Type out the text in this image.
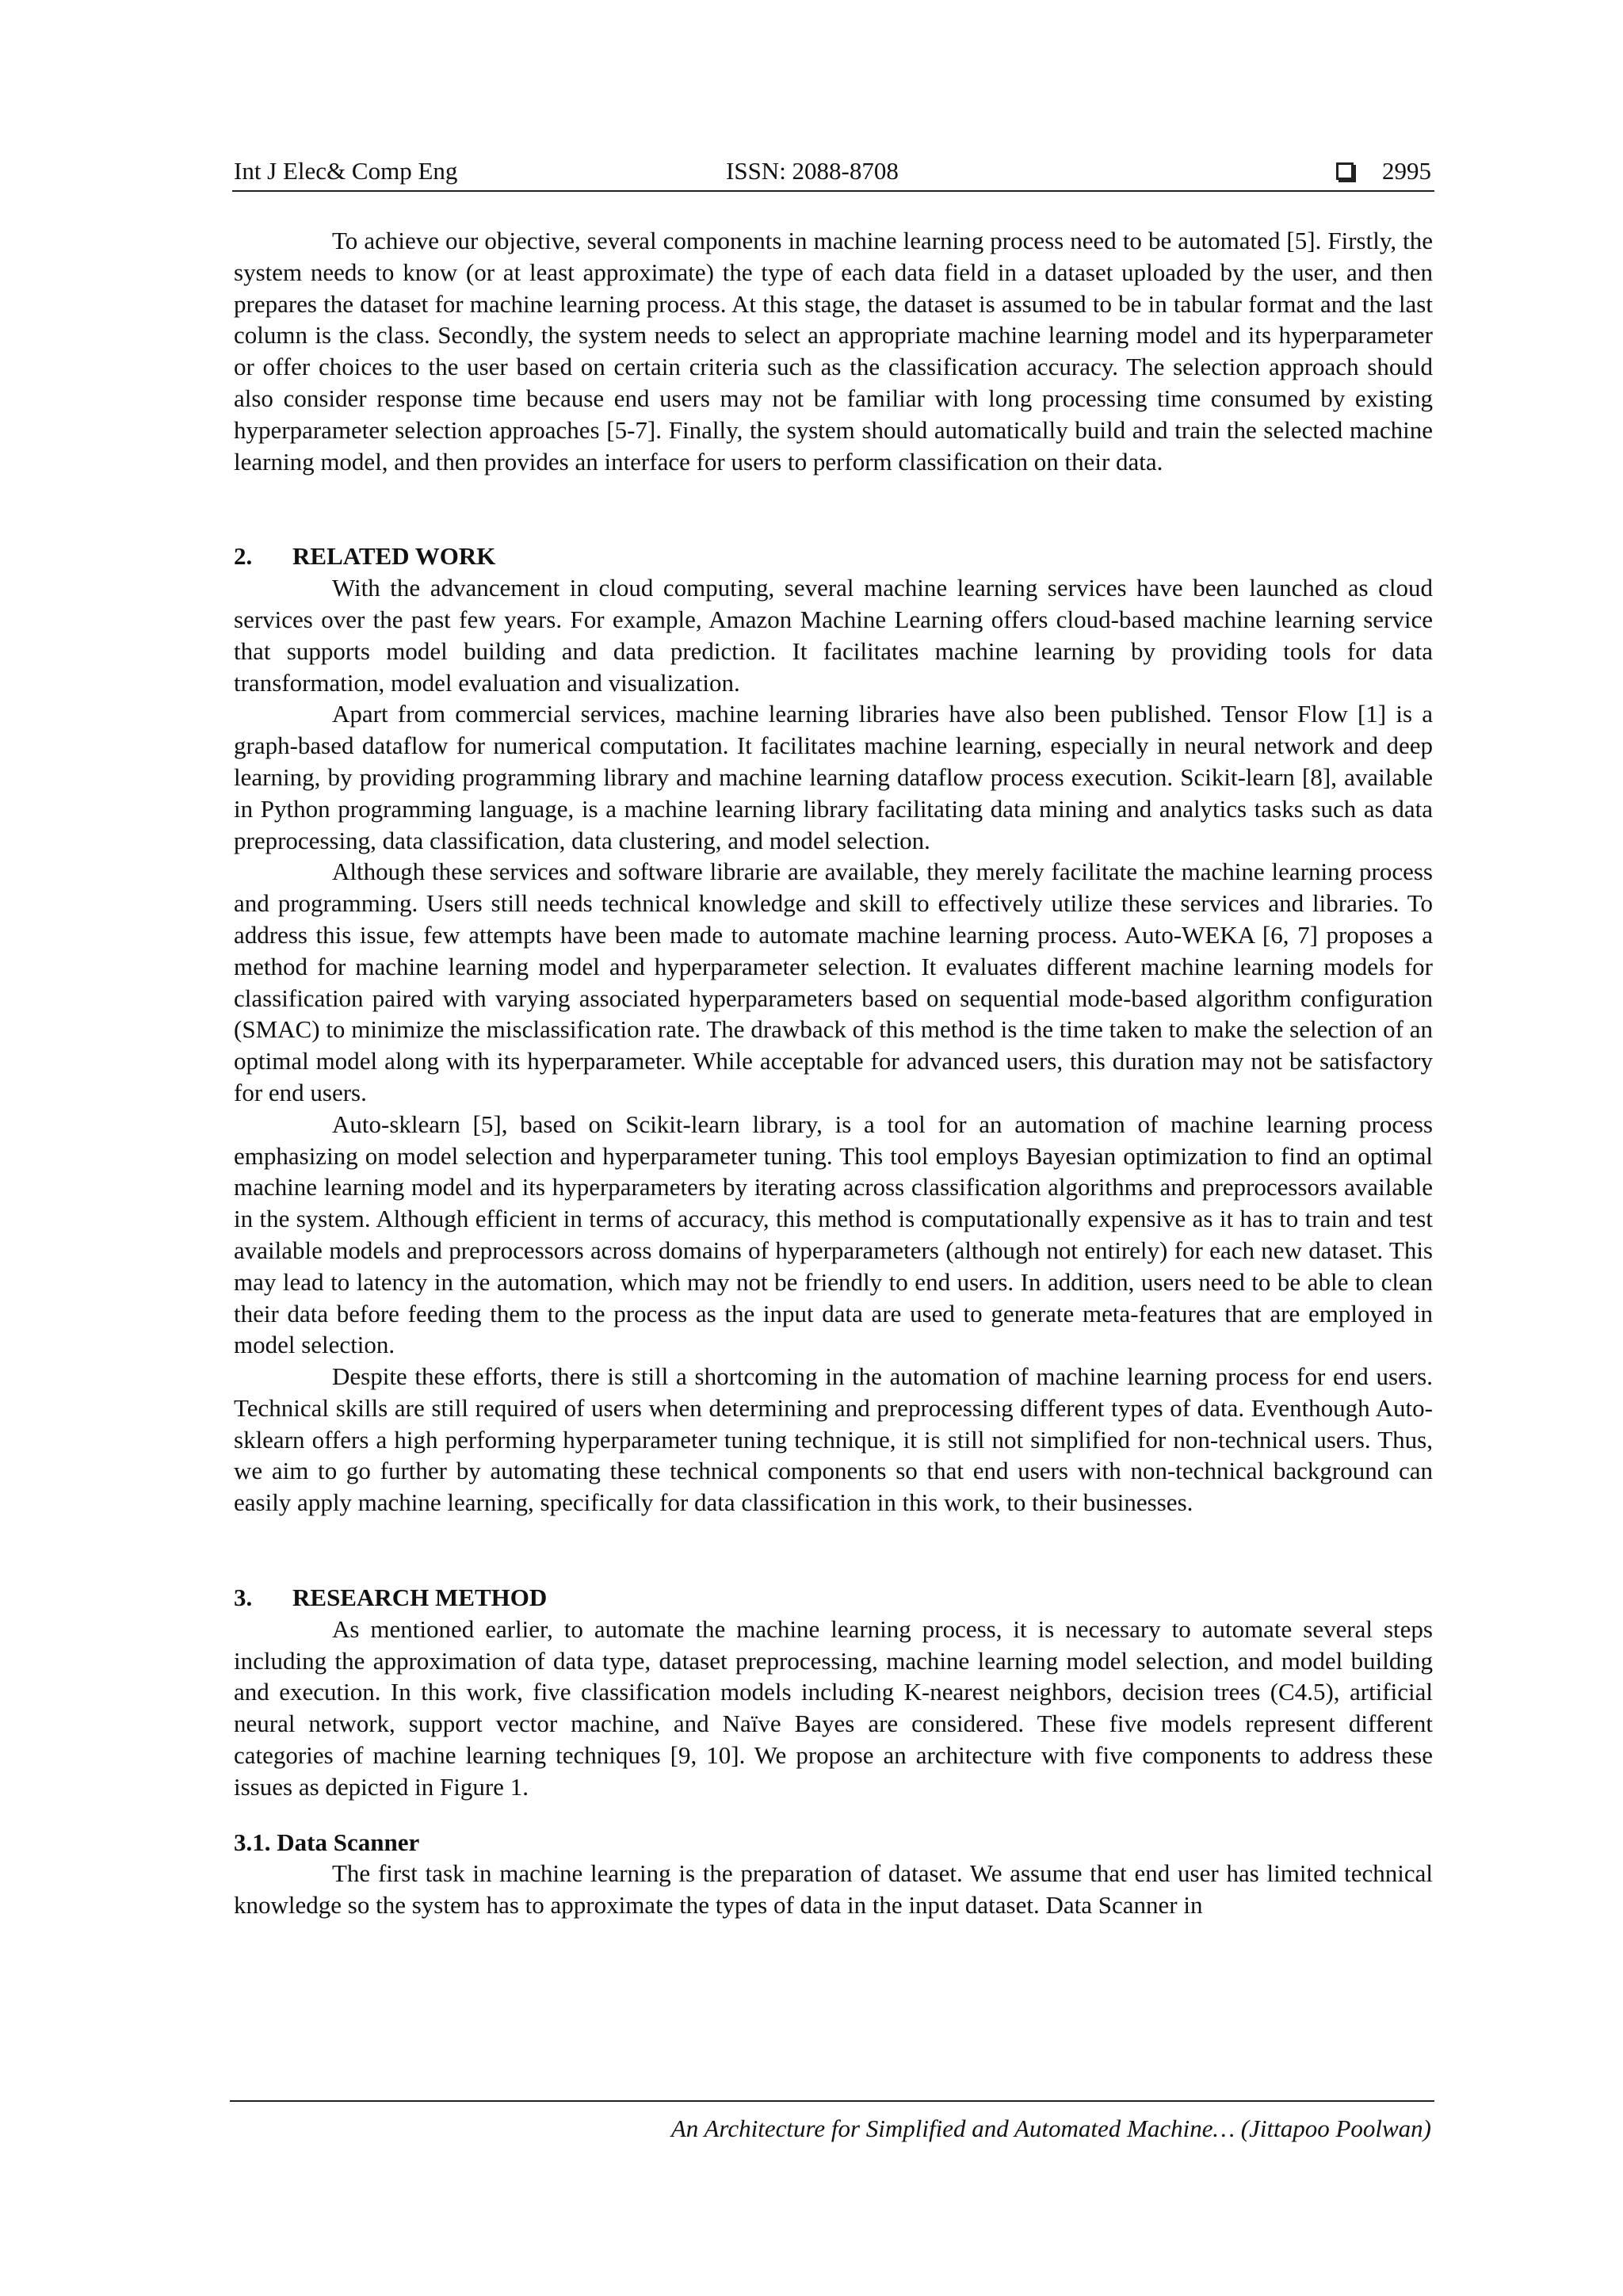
Int J Elec& Comp Eng	ISSN: 2088-8708	2995

To achieve our objective, several components in machine learning process need to be automated [5]. Firstly, the system needs to know (or at least approximate) the type of each data field in a dataset uploaded by the user, and then prepares the dataset for machine learning process. At this stage, the dataset is assumed to be in tabular format and the last column is the class. Secondly, the system needs to select an appropriate machine learning model and its hyperparameter or offer choices to the user based on certain criteria such as the classification accuracy. The selection approach should also consider response time because end users may not be familiar with long processing time consumed by existing hyperparameter selection approaches [5-7]. Finally, the system should automatically build and train the selected machine learning model, and then provides an interface for users to perform classification on their data.

2.	RELATED WORK

With the advancement in cloud computing, several machine learning services have been launched as cloud services over the past few years. For example, Amazon Machine Learning offers cloud-based machine learning service that supports model building and data prediction. It facilitates machine learning by providing tools for data transformation, model evaluation and visualization.

Apart from commercial services, machine learning libraries have also been published. Tensor Flow [1] is a graph-based dataflow for numerical computation. It facilitates machine learning, especially in neural network and deep learning, by providing programming library and machine learning dataflow process execution. Scikit-learn [8], available in Python programming language, is a machine learning library facilitating data mining and analytics tasks such as data preprocessing, data classification, data clustering, and model selection.

Although these services and software librarie are available, they merely facilitate the machine learning process and programming. Users still needs technical knowledge and skill to effectively utilize these services and libraries. To address this issue, few attempts have been made to automate machine learning process. Auto-WEKA [6, 7] proposes a method for machine learning model and hyperparameter selection. It evaluates different machine learning models for classification paired with varying associated hyperparameters based on sequential mode-based algorithm configuration (SMAC) to minimize the misclassification rate. The drawback of this method is the time taken to make the selection of an optimal model along with its hyperparameter. While acceptable for advanced users, this duration may not be satisfactory for end users.

Auto-sklearn [5], based on Scikit-learn library, is a tool for an automation of machine learning process emphasizing on model selection and hyperparameter tuning. This tool employs Bayesian optimization to find an optimal machine learning model and its hyperparameters by iterating across classification algorithms and preprocessors available in the system. Although efficient in terms of accuracy, this method is computationally expensive as it has to train and test available models and preprocessors across domains of hyperparameters (although not entirely) for each new dataset. This may lead to latency in the automation, which may not be friendly to end users. In addition, users need to be able to clean their data before feeding them to the process as the input data are used to generate meta-features that are employed in model selection.

Despite these efforts, there is still a shortcoming in the automation of machine learning process for end users. Technical skills are still required of users when determining and preprocessing different types of data. Eventhough Auto-sklearn offers a high performing hyperparameter tuning technique, it is still not simplified for non-technical users. Thus, we aim to go further by automating these technical components so that end users with non-technical background can easily apply machine learning, specifically for data classification in this work, to their businesses.

3.	RESEARCH METHOD

As mentioned earlier, to automate the machine learning process, it is necessary to automate several steps including the approximation of data type, dataset preprocessing, machine learning model selection, and model building and execution. In this work, five classification models including K-nearest neighbors, decision trees (C4.5), artificial neural network, support vector machine, and Naïve Bayes are considered. These five models represent different categories of machine learning techniques [9, 10]. We propose an architecture with five components to address these issues as depicted in Figure 1.

3.1. Data Scanner

The first task in machine learning is the preparation of dataset. We assume that end user has limited technical knowledge so the system has to approximate the types of data in the input dataset. Data Scanner in

An Architecture for Simplified and Automated Machine… (Jittapoo Poolwan)
